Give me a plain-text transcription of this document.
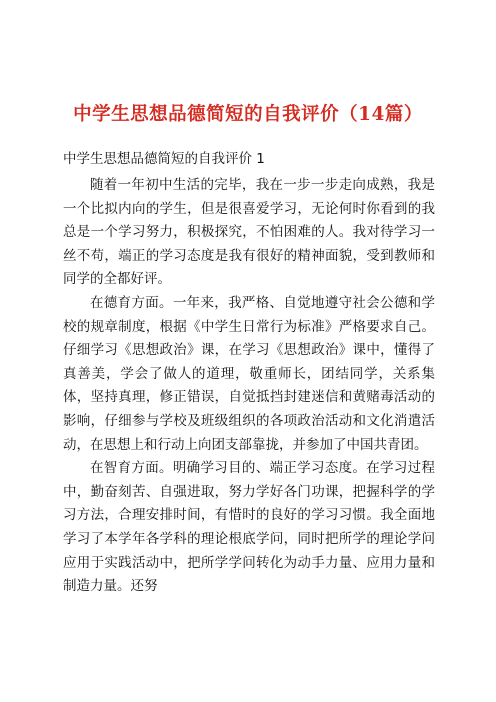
中学生思想品德简短的自我评价（14篇）
中学生思想品德简短的自我评价 1

随着一年初中生活的完毕，我在一步一步走向成熟，我是一个比拟内向的学生，但是很喜爱学习，无论何时你看到的我总是一个学习努力，积极探究，不怕困难的人。我对待学习一丝不苟，端正的学习态度是我有很好的精神面貌，受到教师和同学的全都好评。

在德育方面。一年来，我严格、自觉地遵守社会公德和学校的规章制度，根据《中学生日常行为标准》严格要求自己。仔细学习《思想政治》课，在学习《思想政治》课中，懂得了真善美，学会了做人的道理，敬重师长，团结同学，关系集体，坚持真理，修正错误，自觉抵挡封建迷信和黄赌毒活动的影响，仔细参与学校及班级组织的各项政治活动和文化消遣活动，在思想上和行动上向团支部靠拢，并参加了中国共青团。

在智育方面。明确学习目的、端正学习态度。在学习过程中，勤奋刻苦、自强进取，努力学好各门功课，把握科学的学习方法，合理安排时间，有惜时的良好的学习习惯。我全面地学习了本学年各学科的理论根底学问，同时把所学的理论学问应用于实践活动中，把所学学问转化为动手力量、应用力量和制造力量。还努
